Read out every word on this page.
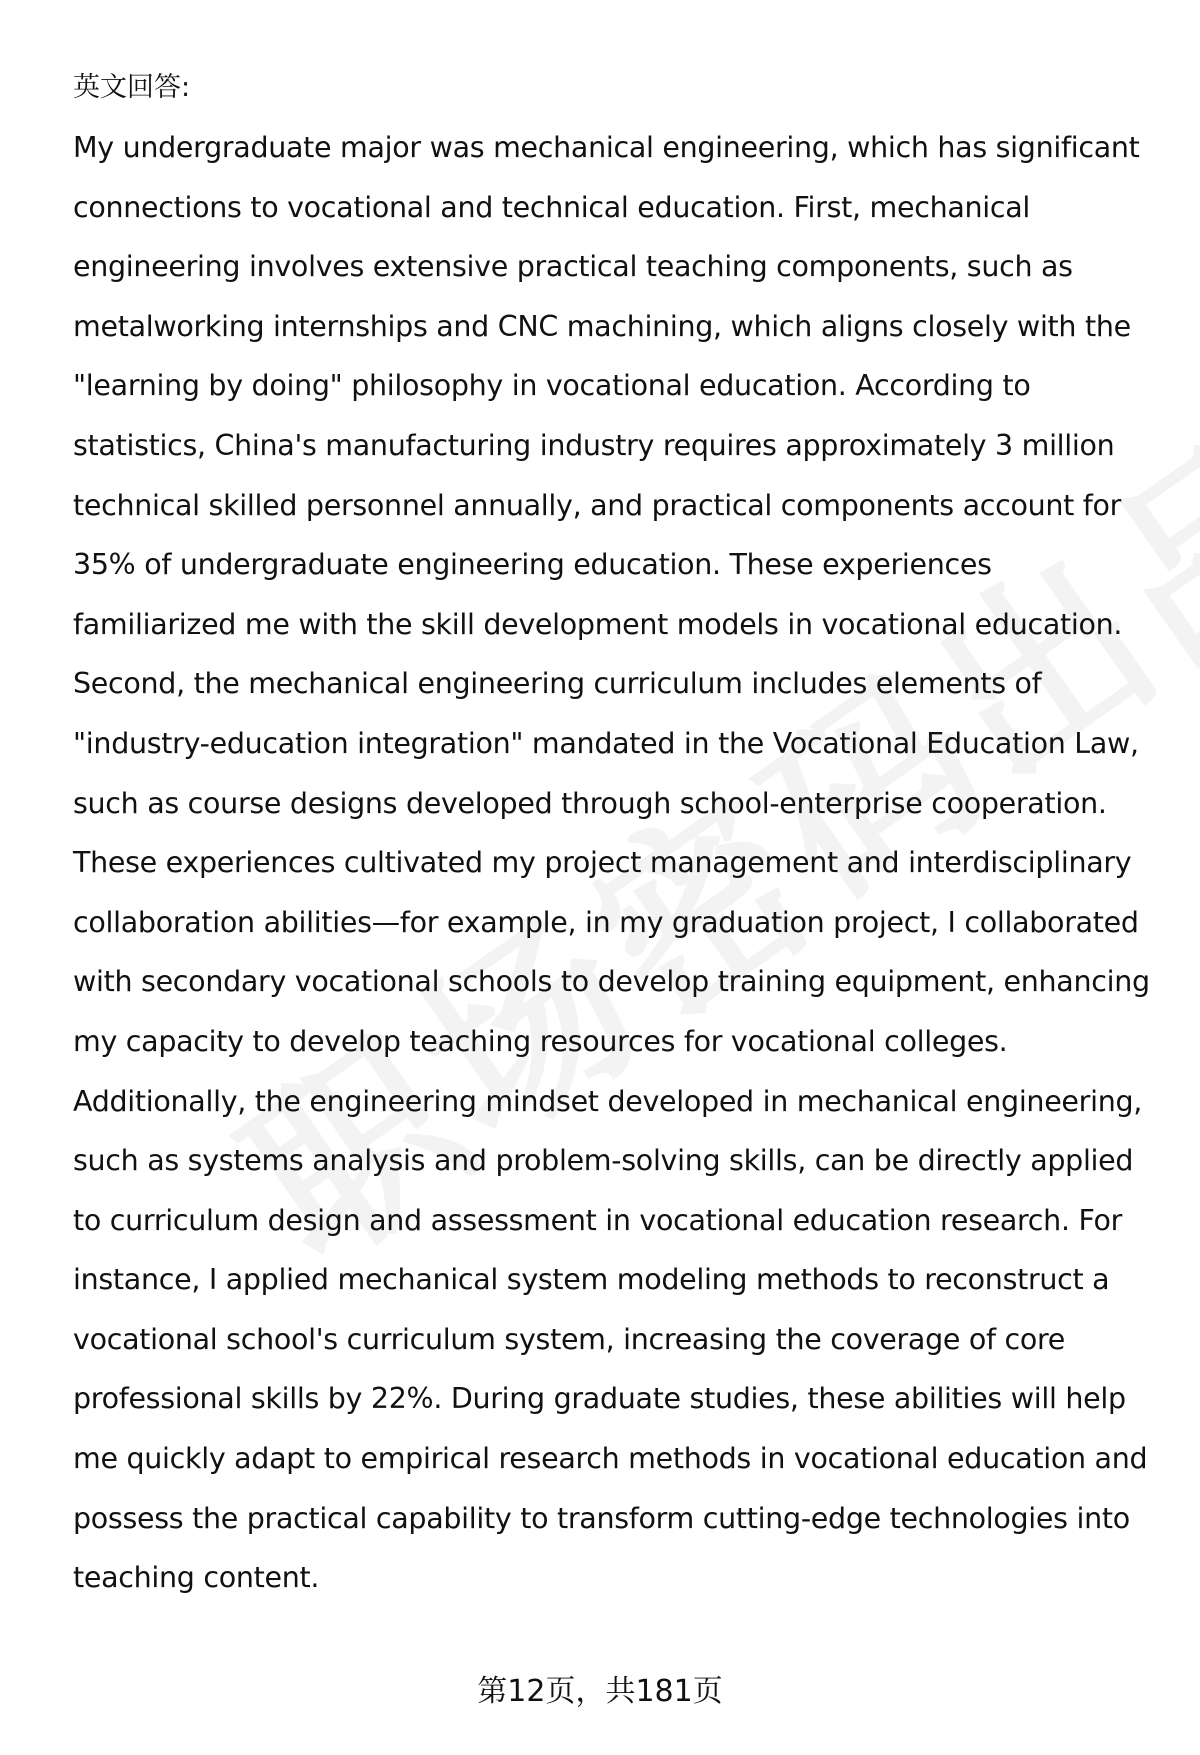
英文回答:

My undergraduate major was mechanical engineering, which has significant connections to vocational and technical education. First, mechanical engineering involves extensive practical teaching components, such as metalworking internships and CNC machining, which aligns closely with the "learning by doing" philosophy in vocational education. According to statistics, China's manufacturing industry requires approximately 3 million technical skilled personnel annually, and practical components account for 35% of undergraduate engineering education. These experiences familiarized me with the skill development models in vocational education. Second, the mechanical engineering curriculum includes elements of "industry-education integration" mandated in the Vocational Education Law, such as course designs developed through school-enterprise cooperation. These experiences cultivated my project management and interdisciplinary collaboration abilities—for example, in my graduation project, I collaborated with secondary vocational schools to develop training equipment, enhancing my capacity to develop teaching resources for vocational colleges. Additionally, the engineering mindset developed in mechanical engineering, such as systems analysis and problem-solving skills, can be directly applied to curriculum design and assessment in vocational education research. For instance, I applied mechanical system modeling methods to reconstruct a vocational school's curriculum system, increasing the coverage of core professional skills by 22%. During graduate studies, these abilities will help me quickly adapt to empirical research methods in vocational education and possess the practical capability to transform cutting-edge technologies into teaching content.

第12页，共181页
